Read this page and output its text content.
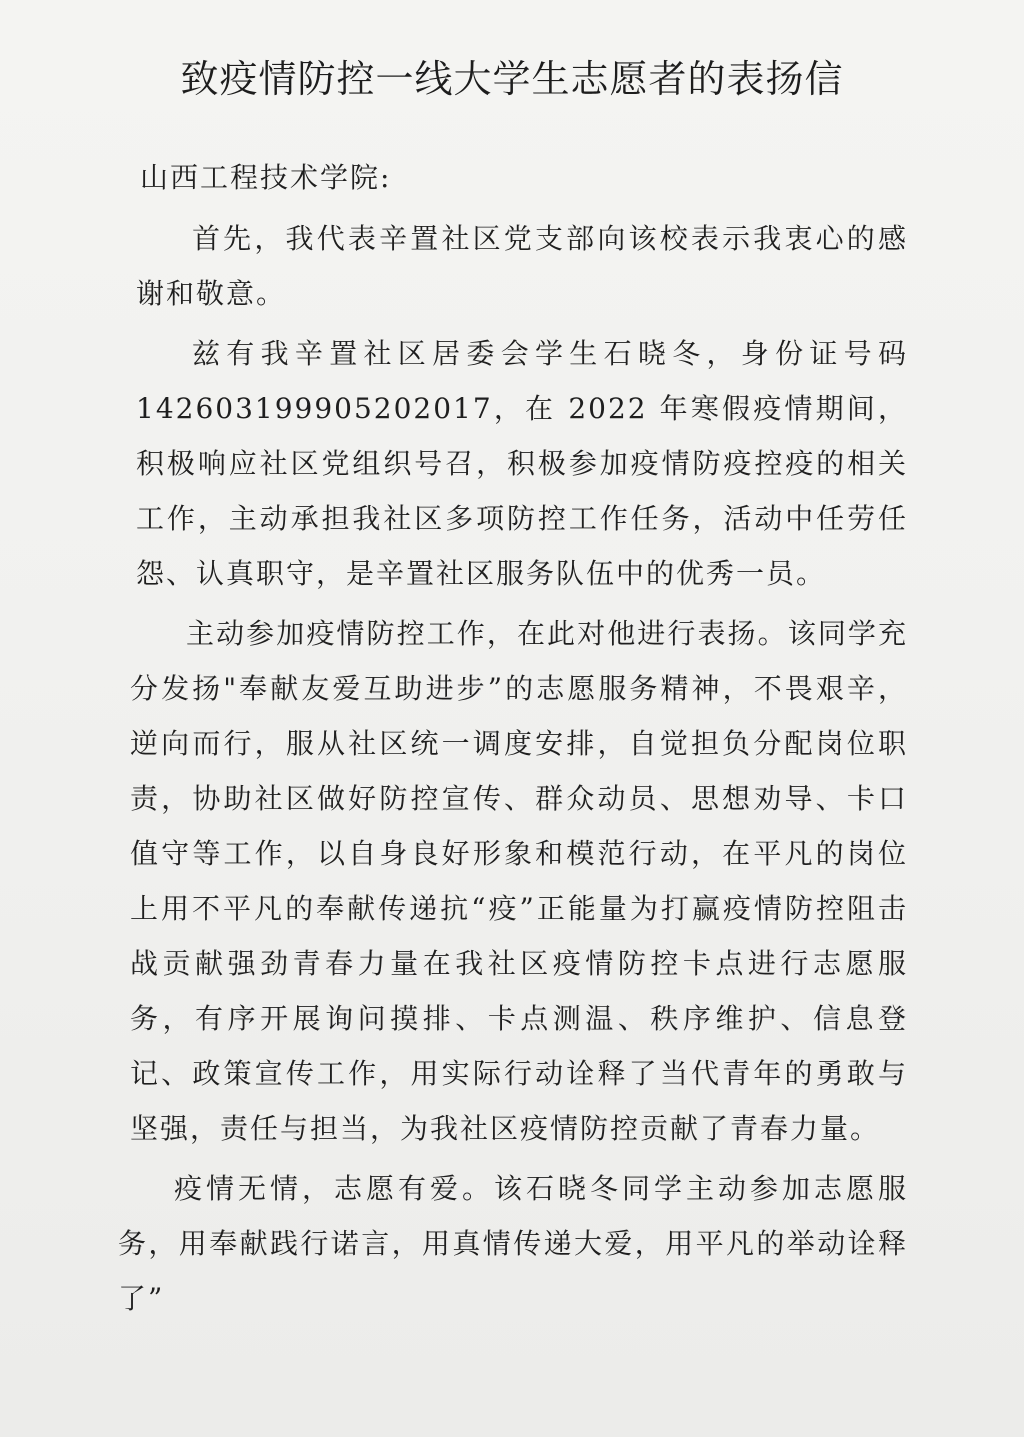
致疫情防控一线大学生志愿者的表扬信
山西工程技术学院:

首先，我代表辛置社区党支部向该校表示我衷心的感谢和敬意。

兹有我辛置社区居委会学生石晓冬，身份证号码142603199905202017，在 2022 年寒假疫情期间，积极响应社区党组织号召，积极参加疫情防疫控疫的相关工作，主动承担我社区多项防控工作任务，活动中任劳任怨、认真职守，是辛置社区服务队伍中的优秀一员。

主动参加疫情防控工作，在此对他进行表扬。该同学充分发扬"奉献友爱互助进步”的志愿服务精神，不畏艰辛，逆向而行，服从社区统一调度安排，自觉担负分配岗位职责，协助社区做好防控宣传、群众动员、思想劝导、卡口值守等工作，以自身良好形象和模范行动，在平凡的岗位上用不平凡的奉献传递抗“疫”正能量为打赢疫情防控阻击战贡献强劲青春力量在我社区疫情防控卡点进行志愿服务，有序开展询问摸排、卡点测温、秩序维护、信息登记、政策宣传工作，用实际行动诠释了当代青年的勇敢与坚强，责任与担当，为我社区疫情防控贡献了青春力量。

疫情无情，志愿有爱。该石晓冬同学主动参加志愿服务，用奉献践行诺言，用真情传递大爱，用平凡的举动诠释了”
